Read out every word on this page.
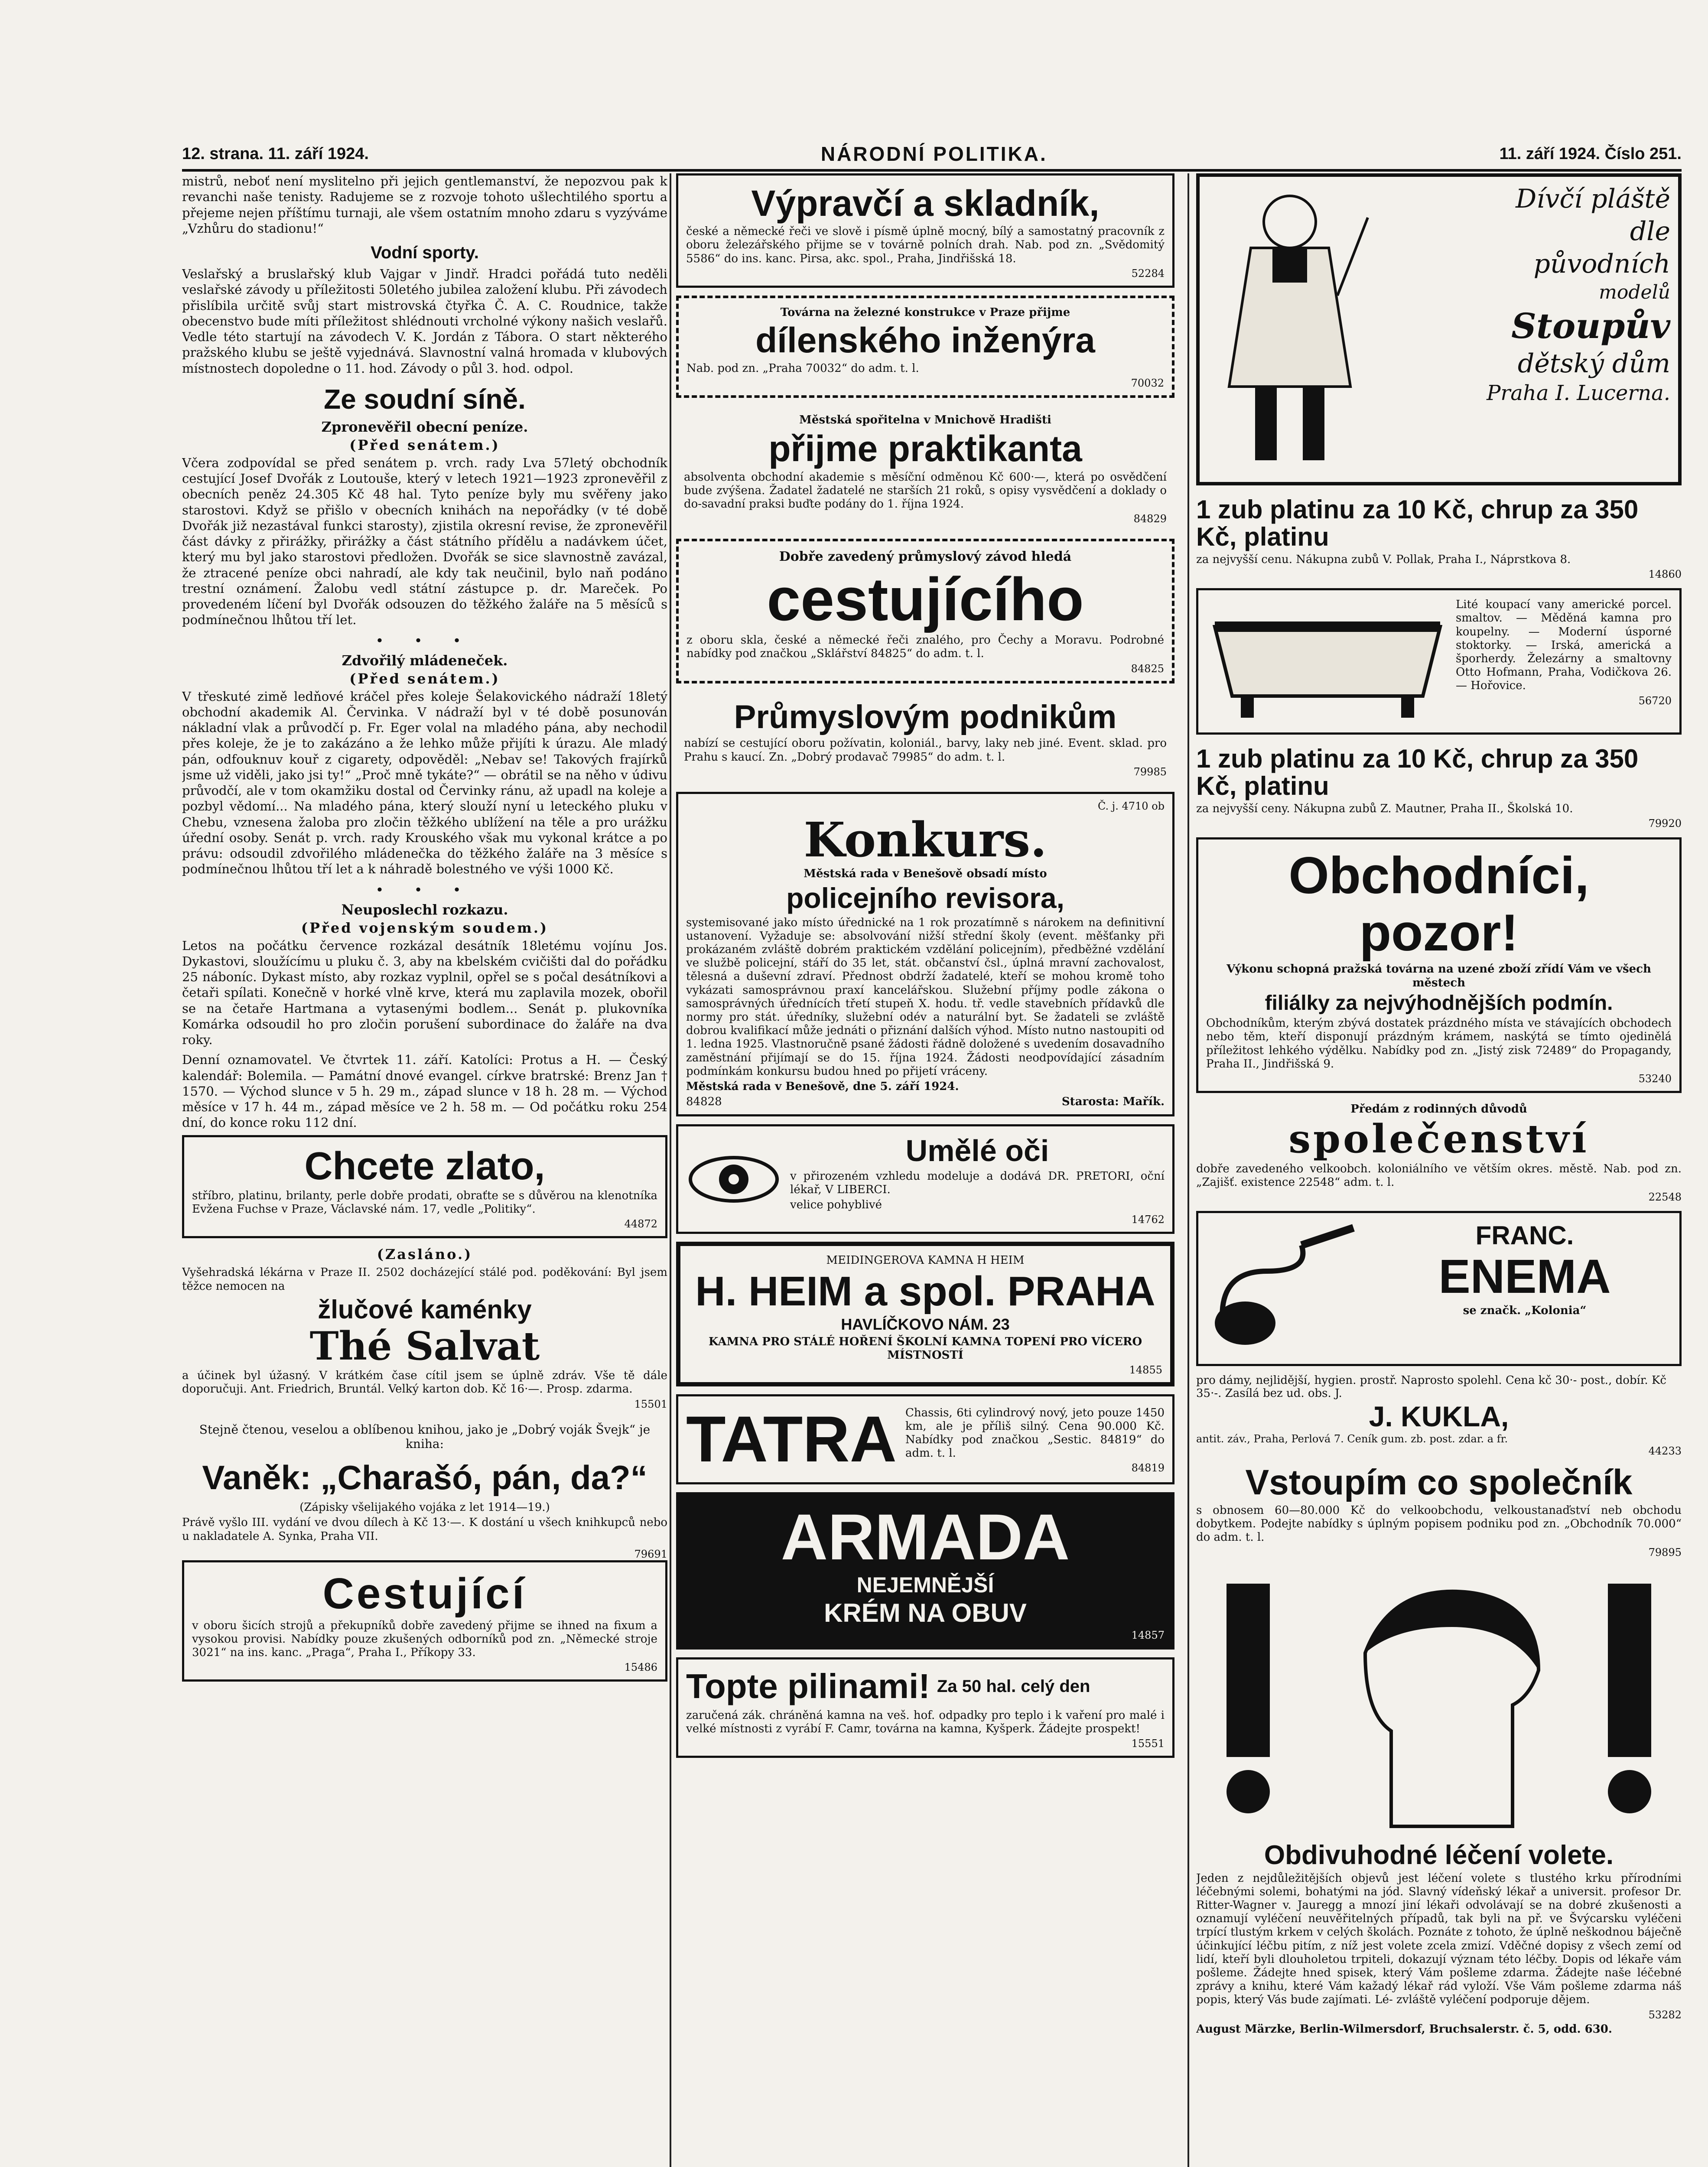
12. strana. 11. září 1924.	NÁRODNÍ POLITIKA.	11. září 1924. Číslo 251.

mistrů, neboť není myslitelno při jejich gentlemanství, že nepozvou pak k revanchi naše tenisty. Radujeme se z rozvoje tohoto ušlechtilého sportu a přejeme nejen příštímu turnaji, ale všem ostatním mnoho zdaru s vyzýváme „Vzhůru do stadionu!“

Vodní sporty.

Veslařský a bruslařský klub Vajgar v Jindř. Hradci pořádá tuto neděli veslařské závody u příležitosti 50letého jubilea založení klubu. Při závodech přislíbila určitě svůj start mistrovská čtyřka Č. A. C. Roudnice, takže obecenstvo bude míti příležitost shlédnouti vrcholné výkony našich veslařů. Vedle této startují na závodech V. K. Jordán z Tábora. O start některého pražského klubu se ještě vyjednává. Slavnostní valná hromada v klubových místnostech dopoledne o 11. hod. Závody o půl 3. hod. odpol.

Ze soudní síně.
Zpronevěřil obecní peníze.
(Před senátem.)

Včera zodpovídal se před senátem p. vrch. rady Lva 57letý obchodník cestující Josef Dvořák z Loutouše, který v letech 1921—1923 zpronevěřil z obecních peněz 24.305 Kč 48 hal. Tyto peníze byly mu svěřeny jako starostovi. Když se přišlo v obecních knihách na nepořádky (v té době Dvořák již nezastával funkci starosty), zjistila okresní revise, že zpronevěřil část dávky z přirážky, přirážky a část státního přídělu a nadávkem účet, který mu byl jako starostovi předložen. Dvořák se sice slavnostně zavázal, že ztracené peníze obci nahradí, ale kdy tak neučinil, bylo naň podáno trestní oznámení. Žalobu vedl státní zástupce p. dr. Mareček. Po provedeném líčení byl Dvořák odsouzen do těžkého žaláře na 5 měsíců s podmínečnou lhůtou tří let.

• • •
Zdvořilý mládeneček.
(Před senátem.)

V třeskuté zimě ledňové kráčel přes koleje Šelakovického nádraží 18letý obchodní akademik Al. Červinka. V nádraží byl v té době posunován nákladní vlak a průvodčí p. Fr. Eger volal na mladého pána, aby nechodil přes koleje, že je to zakázáno a že lehko může přijíti k úrazu. Ale mladý pán, odfouknuv kouř z cigarety, odpověděl: „Nebav se! Takových frajírků jsme už viděli, jako jsi ty!“ „Proč mně tykáte?“ — obrátil se na něho v údivu průvodčí, ale v tom okamžiku dostal od Červinky ránu, až upadl na koleje a pozbyl vědomí... Na mladého pána, který slouží nyní u leteckého pluku v Chebu, vznesena žaloba pro zločin těžkého ublížení na těle a pro urážku úřední osoby. Senát p. vrch. rady Krouského však mu vykonal krátce a po právu: odsoudil zdvořilého mládenečka do těžkého žaláře na 3 měsíce s podmínečnou lhůtou tří let a k náhradě bolestného ve výši 1000 Kč.

• • •
Neuposlechl rozkazu.
(Před vojenským soudem.)

Letos na počátku července rozkázal desátník 18letému vojínu Jos. Dykastovi, sloužícímu u pluku č. 3, aby na kbelském cvičišti dal do pořádku 25 náboníc. Dykast místo, aby rozkaz vyplnil, opřel se s počal desátníkovi a četaři spílati. Konečně v horké vlně krve, která mu zaplavila mozek, obořil se na četaře Hartmana a vytasenými bodlem... Senát p. plukovníka Komárka odsoudil ho pro zločin porušení subordinace do žaláře na dva roky.

Denní oznamovatel. Ve čtvrtek 11. září. Katolíci: Protus a H. — Český kalendář: Bolemila. — Památní dnové evangel. církve bratrské: Brenz Jan † 1570. — Východ slunce v 5 h. 29 m., západ slunce v 18 h. 28 m. — Východ měsíce v 17 h. 44 m., západ měsíce ve 2 h. 58 m. — Od počátku roku 254 dní, do konce roku 112 dní.

Chcete zlato,
stříbro, platinu, brilanty, perle dobře prodati, obraťte se s důvěrou na klenotníka Evžena Fuchse v Praze, Václavské nám. 17, vedle „Politiky“.
44872
(Zasláno.)
Vyšehradská lékárna v Praze II. 2502 docházející stálé pod. poděkování: Byl jsem těžce nemocen na
žlučové kaménky
Thé Salvat
a účinek byl úžasný. V krátkém čase cítil jsem se úplně zdráv. Vše tě dále doporučuji. Ant. Friedrich, Bruntál. Velký karton dob. Kč 16·—. Prosp. zdarma.
15501
Stejně čtenou, veselou a oblíbenou knihou, jako je „Dobrý voják Švejk“ je kniha:
Vaněk: „Charašó, pán, da?“
(Zápisky všelijakého vojáka z let 1914—19.)

Právě vyšlo III. vydání ve dvou dílech à Kč 13·—. K dostání u všech knihkupců nebo u nakladatele A. Synka, Praha VII.

79691
Cestující
v oboru šicích strojů a překupníků dobře zavedený přijme se ihned na fixum a vysokou provisi. Nabídky pouze zkušených odborníků pod zn. „Německé stroje 3021“ na ins. kanc. „Praga“, Praha I., Příkopy 33.
15486
Výpravčí a skladník,
české a německé řeči ve slově i písmě úplně mocný, bílý a samostatný pracovník z oboru železářského přijme se v továrně polních drah. Nab. pod zn. „Svědomitý 5586“ do ins. kanc. Pirsa, akc. spol., Praha, Jindřišská 18.
52284
Továrna na železné konstrukce v Praze přijme
dílenského inženýra
Nab. pod zn. „Praha 70032“ do adm. t. l.
70032
Městská spořitelna v Mnichově Hradišti
přijme praktikanta
absolventa obchodní akademie s měsíční odměnou Kč 600·—, která po osvědčení bude zvýšena. Žadatel žadatelé ne starších 21 roků, s opisy vysvědčení a doklady o do-savadní praksi buďte podány do 1. října 1924.
84829
Dobře zavedený průmyslový závod hledá
cestujícího
z oboru skla, české a německé řeči znalého, pro Čechy a Moravu. Podrobné nabídky pod značkou „Sklářství 84825“ do adm. t. l.
84825
Průmyslovým podnikům
nabízí se cestující oboru požívatin, koloniál., barvy, laky neb jiné. Event. sklad. pro Prahu s kaucí. Zn. „Dobrý prodavač 79985“ do adm. t. l.
79985
Č. j. 4710 ob
Konkurs.
Městská rada v Benešově obsadí místo
policejního revisora,
systemisované jako místo úřednické na 1 rok prozatímně s nárokem na definitivní ustanovení. Vyžaduje se: absolvování nižší střední školy (event. měšťanky při prokázaném zvláště dobrém praktickém vzdělání policejním), předběžné vzdělání ve službě policejní, stáří do 35 let, stát. občanství čsl., úplná mravní zachovalost, tělesná a duševní zdraví. Přednost obdrží žadatelé, kteří se mohou kromě toho vykázati samosprávnou praxí kancelářskou. Služební příjmy podle zákona o samosprávných úřednících třetí stupeň X. hodu. tř. vedle stavebních přídavků dle normy pro stát. úředníky, služební odév a naturální byt. Se žadateli se zvláště dobrou kvalifikací může jednáti o přiznání dalších výhod. Místo nutno nastoupiti od 1. ledna 1925. Vlastnoručně psané žádosti řádně doložené s uvedením dosavadního zaměstnání přijímají se do 15. října 1924. Žádosti neodpovídající zásadním podmínkám konkursu budou hned po přijetí vráceny.
Městská rada v Benešově, dne 5. září 1924.
84828	Starosta: Mařík.
Umělé oči
v přirozeném vzhledu modeluje a dodává DR. PRETORI, oční lékař, V LIBERCI.
velice pohyblivé
14762
MEIDINGEROVA KAMNA H HEIM
H. HEIM a spol. PRAHA
HAVLÍČKOVO NÁM. 23
KAMNA PRO STÁLÉ HOŘENÍ ŠKOLNÍ KAMNA TOPENÍ PRO VÍCERO MÍSTNOSTÍ
14855
TATRA Chassis, 6ti cylindrový nový, jeto pouze 1450 km, ale je příliš silný. Cena 90.000 Kč. Nabídky pod značkou „Sestic. 84819“ do adm. t. l.
84819
ARMADA
NEJEMNĚJŠÍ
KRÉM NA OBUV
14857
Topte pilinami! Za 50 hal. celý den
zaručená zák. chráněná kamna na veš. hof. odpadky pro teplo i k vaření pro malé i velké místnosti z vyrábí F. Camr, továrna na kamna, Kyšperk. Žádejte prospekt!
15551
Dívčí pláště
dle
původních
modelů
Stoupův
dětský dům
Praha I. Lucerna.
1 zub platinu za 10 Kč, chrup za 350 Kč, platinu
za nejvyšší cenu. Nákupna zubů V. Pollak, Praha I., Náprstkova 8.
14860
Lité koupací vany americké porcel. smaltov. — Měděná kamna pro koupelny. — Moderní úsporné stoktorky. — Irská, americká a šporherdy. Železárny a smaltovny Otto Hofmann, Praha, Vodičkova 26. — Hořovice.
56720
1 zub platinu za 10 Kč, chrup za 350 Kč, platinu
za nejvyšší ceny. Nákupna zubů Z. Mautner, Praha II., Školská 10.
79920
Obchodníci,
pozor!
Výkonu schopná pražská továrna na uzené zboží zřídí Vám ve všech městech
filiálky za nejvýhodnějších podmín.
Obchodníkům, kterým zbývá dostatek prázdného místa ve stávajících obchodech nebo těm, kteří disponují prázdným krámem, naskýtá se tímto ojedinělá příležitost lehkého výdělku. Nabídky pod zn. „Jistý zisk 72489“ do Propagandy, Praha II., Jindřišská 9.
53240
Předám z rodinných důvodů
společenství
dobře zavedeného velkoobch. koloniálního ve větším okres. městě. Nab. pod zn. „Zajišť. existence 22548“ adm. t. l.
22548
FRANC.
ENEMA
se značk. „Kolonia“
pro dámy, nejlidější, hygien. prostř. Naprosto spolehl. Cena kč 30·- post., dobír. Kč 35·-. Zasílá bez ud. obs. J.
J. KUKLA,
antit. záv., Praha, Perlová 7. Ceník gum. zb. post. zdar. a fr.
44233
Vstoupím co společník
s obnosem 60—80.000 Kč do velkoobchodu, velkoustanaďství neb obchodu dobytkem. Podejte nabídky s úplným popisem podniku pod zn. „Obchodník 70.000“ do adm. t. l.
79895
Obdivuhodné léčení volete.
Jeden z nejdůležitějších objevů jest léčení volete s tlustého krku přírodními léčebnými solemi, bohatými na jód. Slavný vídeňský lékař a universit. profesor Dr. Ritter-Wagner v. Jauregg a mnozí jiní lékaři odvolávají se na dobré zkušenosti a oznamují vyléčení neuvěřitelných případů, tak byli na př. ve Švýcarsku vyléčeni trpící tlustým krkem v celých školách. Poznáte z tohoto, že úplně neškodnou báječně účinkující léčbu pitím, z níž jest volete zcela zmizí. Vděčné dopisy z všech zemí od lidí, kteří byli dlouholetou trpiteli, dokazují význam této léčby. Dopis od lékaře vám pošleme. Žádejte hned spisek, který Vám pošleme zdarma. Žádejte naše léčebné zprávy a knihu, které Vám kažadý lékař rád vyloží. Vše Vám pošleme zdarma náš popis, který Vás bude zajímati. Lé- zvláště vyléčení podporuje dějem.
53282
August Märzke, Berlin-Wilmersdorf, Bruchsalerstr. č. 5, odd. 630.
